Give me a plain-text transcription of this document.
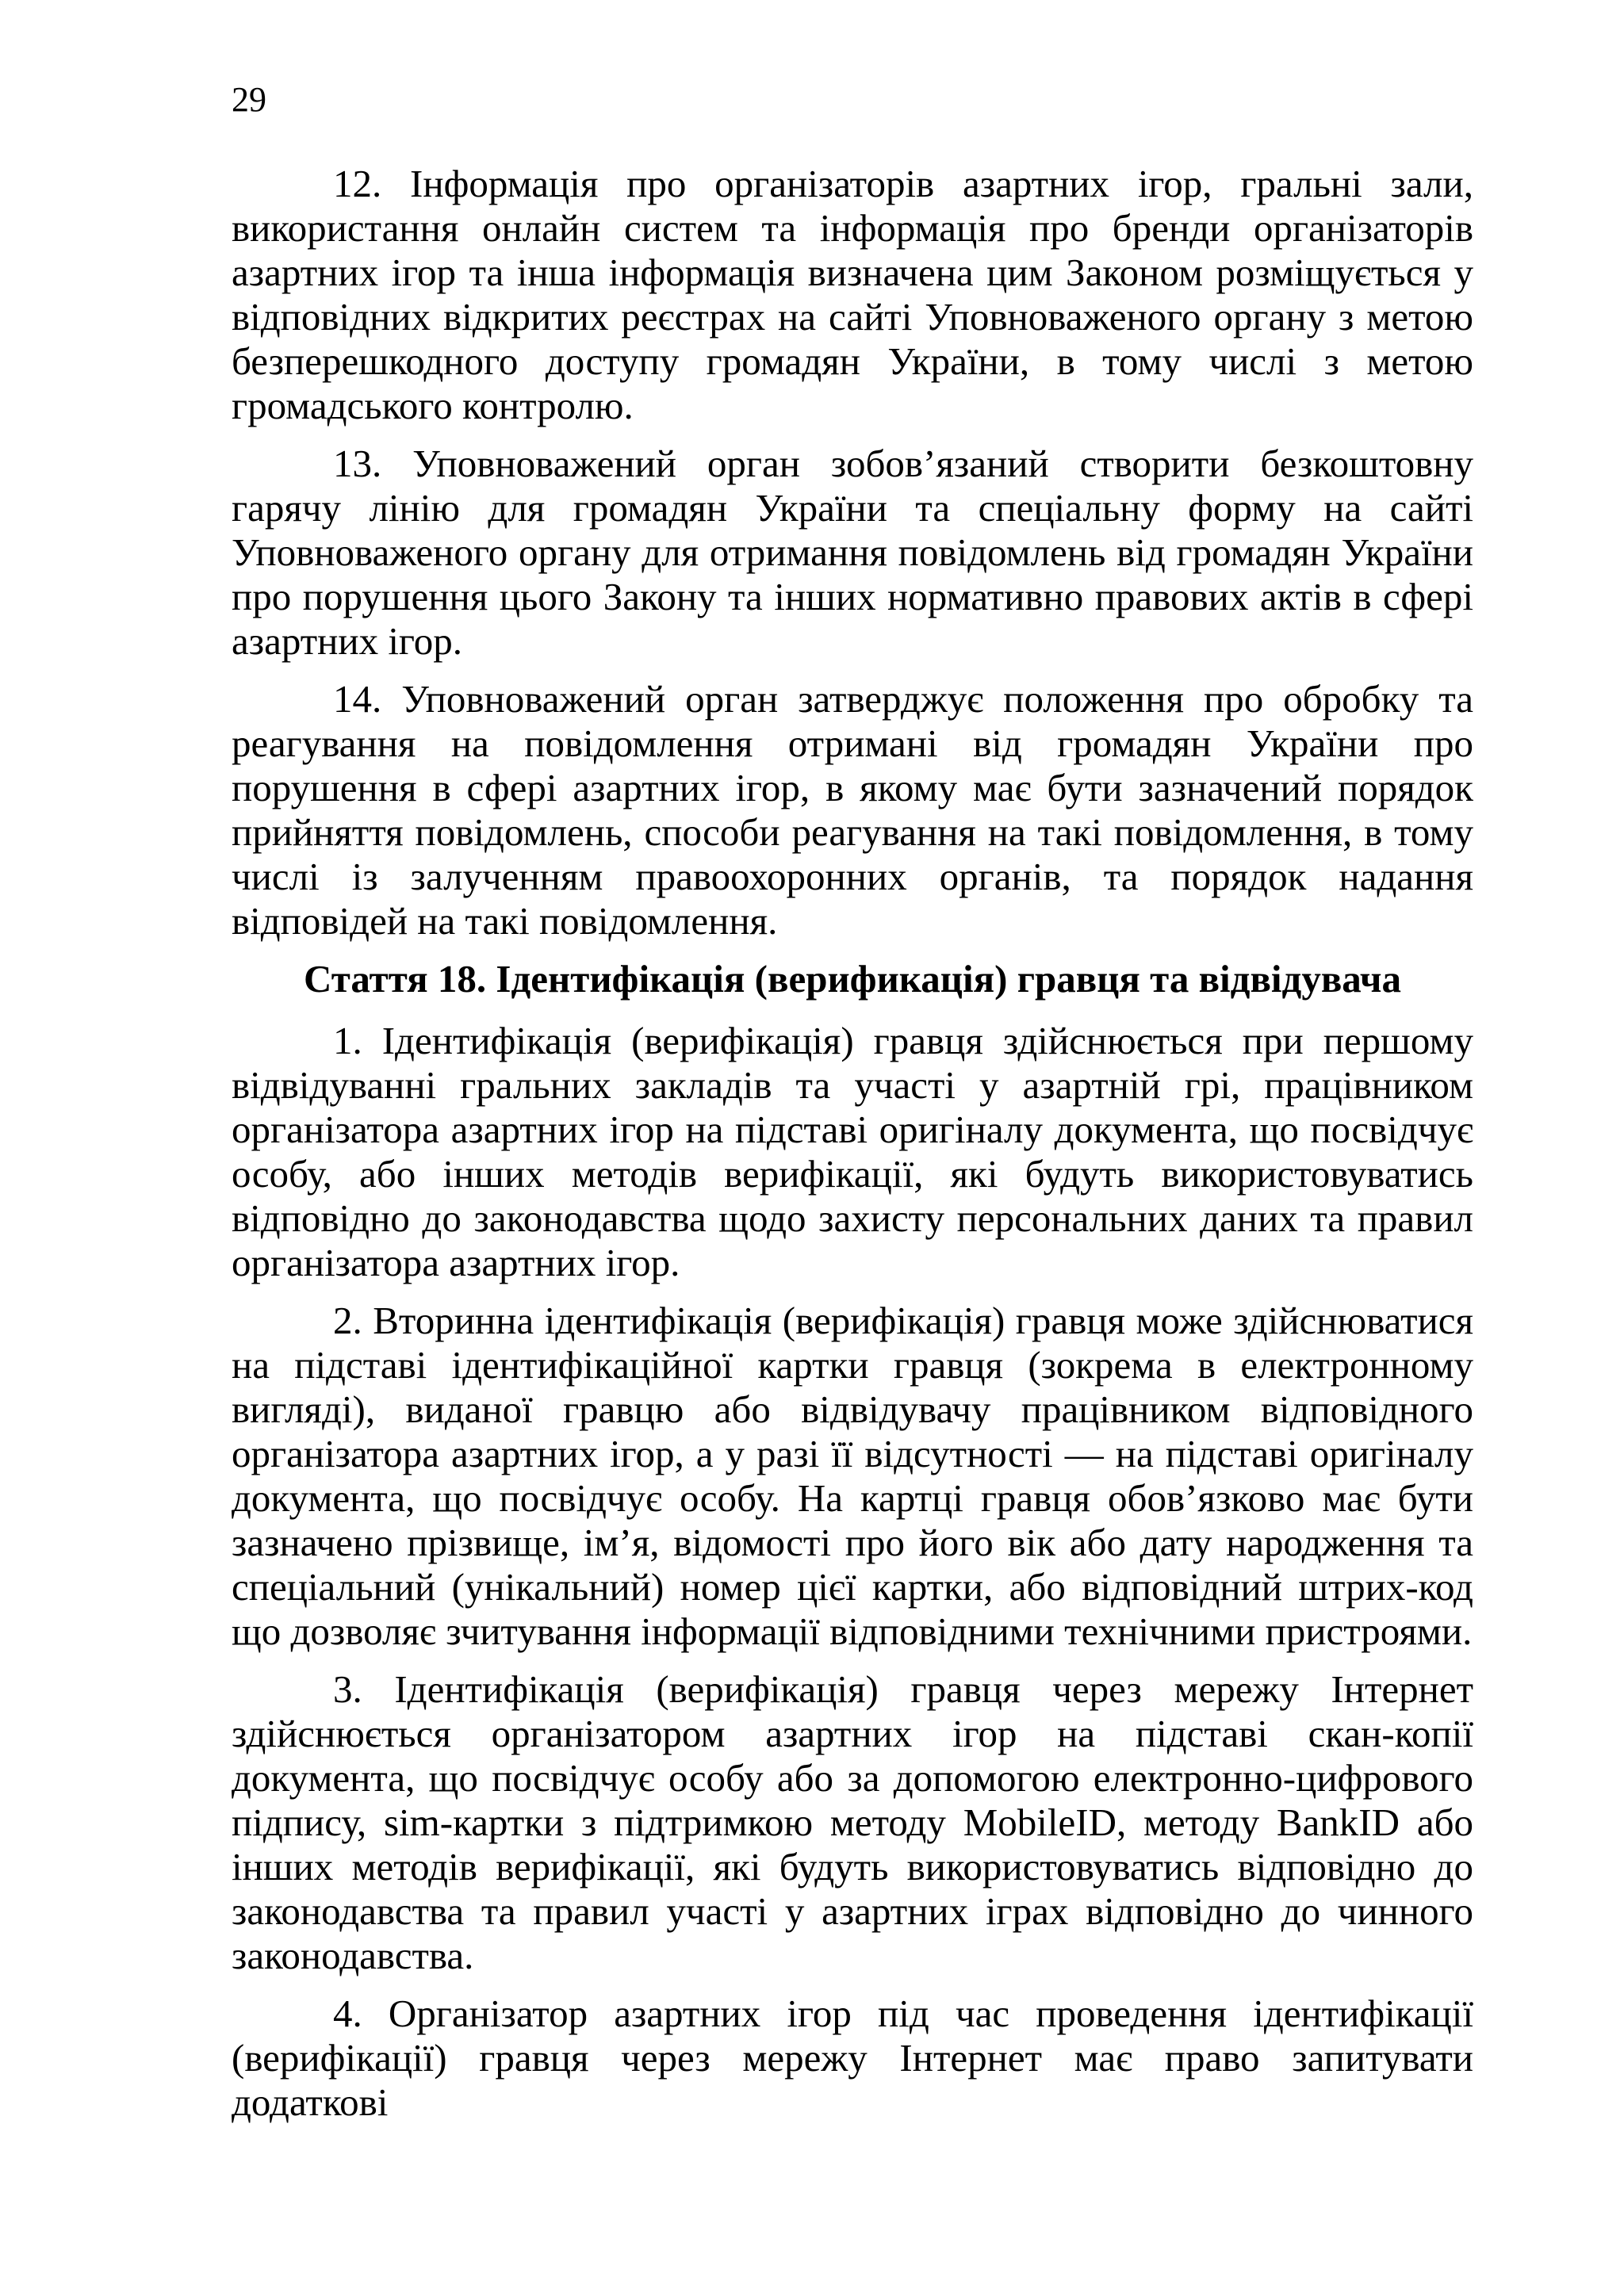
29

12. Інформація про організаторів азартних ігор, гральні зали, використання онлайн систем та інформація про бренди організаторів азартних ігор та інша інформація визначена цим Законом розміщується у відповідних відкритих реєстрах на сайті Уповноваженого органу з метою безперешкодного доступу громадян України, в тому числі з метою громадського контролю.

13. Уповноважений орган зобов’язаний створити безкоштовну гарячу лінію для громадян України та спеціальну форму на сайті Уповноваженого органу для отримання повідомлень від громадян України про порушення цього Закону та інших нормативно правових актів в сфері азартних ігор.

14. Уповноважений орган затверджує положення про обробку та реагування на повідомлення отримані від громадян України про порушення в сфері азартних ігор, в якому має бути зазначений порядок прийняття повідомлень, способи реагування на такі повідомлення, в тому числі із залученням правоохоронних органів, та порядок надання відповідей на такі повідомлення.

Стаття 18. Ідентифікація (верификація) гравця та відвідувача

1. Ідентифікація (верифікація) гравця здійснюється при першому відвідуванні гральних закладів та участі у азартній грі, працівником організатора азартних ігор на підставі оригіналу документа, що посвідчує особу, або інших методів верифікації, які будуть використовуватись відповідно до законодавства щодо захисту персональних даних та правил організатора азартних ігор.

2. Вторинна ідентифікація (верифікація) гравця може здійснюватися на підставі ідентифікаційної картки гравця (зокрема в електронному вигляді), виданої гравцю або відвідувачу працівником відповідного організатора азартних ігор, а у разі її відсутності — на підставі оригіналу документа, що посвідчує особу. На картці гравця обов’язково має бути зазначено прізвище, ім’я, відомості про його вік або дату народження та спеціальний (унікальний) номер цієї картки, або відповідний штрих-код що дозволяє зчитування інформації відповідними технічними пристроями.

3. Ідентифікація (верифікація) гравця через мережу Інтернет здійснюється організатором азартних ігор на підставі скан-копії документа, що посвідчує особу або за допомогою електронно-цифрового підпису, sim-картки з підтримкою методу MobileID, методу BankID або інших методів верифікації, які будуть використовуватись відповідно до законодавства та правил участі у азартних іграх відповідно до чинного законодавства.

4. Організатор азартних ігор під час проведення ідентифікації (верифікації) гравця через мережу Інтернет має право запитувати додаткові
